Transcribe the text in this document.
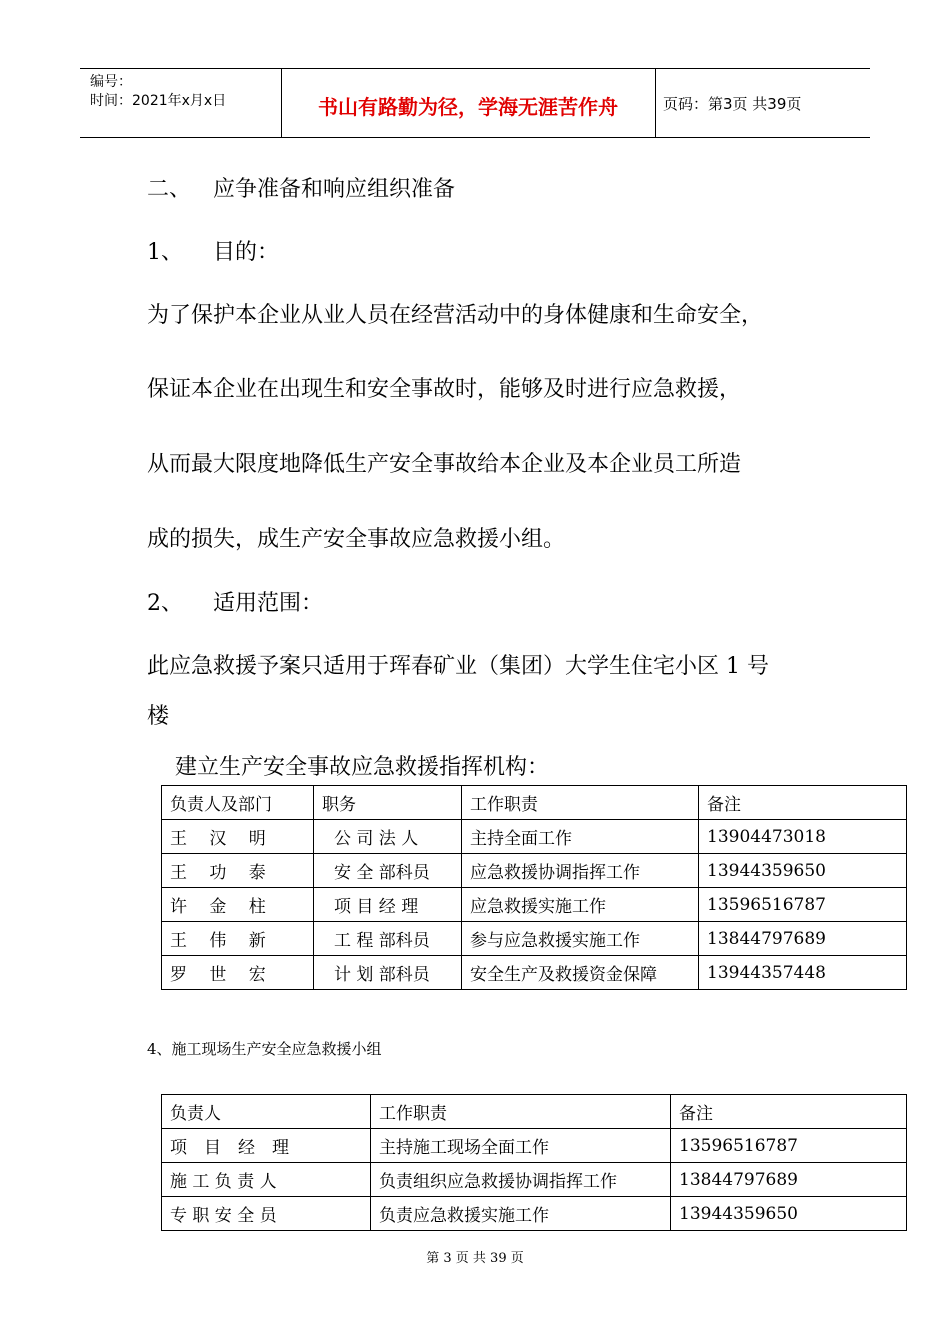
编号：
时间：2021年x月x日	书山有路勤为径，学海无涯苦作舟	页码：第3页 共39页
二、 应争准备和响应组织准备
1、 目的：
为了保护本企业从业人员在经营活动中的身体健康和生命安全，
保证本企业在出现生和安全事故时，能够及时进行应急救援，
从而最大限度地降低生产安全事故给本企业及本企业员工所造
成的损失，成生产安全事故应急救援小组。
2、 适用范围：
此应急救援予案只适用于珲春矿业（集团）大学生住宅小区 1 号
楼
建立生产安全事故应急救援指挥机构：
负责人及部门	职务	工作职责	备注
王　 汉　 明	公 司 法 人	主持全面工作	13904473018
王　 功　 泰	安 全 部科员	应急救援协调指挥工作	13944359650
许　 金　 柱	项 目 经 理	应急救援实施工作	13596516787
王　 伟　 新	工 程 部科员	参与应急救援实施工作	13844797689
罗　 世　 宏	计 划 部科员	安全生产及救援资金保障	13944357448
4、施工现场生产安全应急救援小组
负责人	工作职责	备注
项　目　经　理	主持施工现场全面工作	13596516787
施 工 负 责 人	负责组织应急救援协调指挥工作	13844797689
专 职 安 全 员	负责应急救援实施工作	13944359650
第 3 页 共 39 页
